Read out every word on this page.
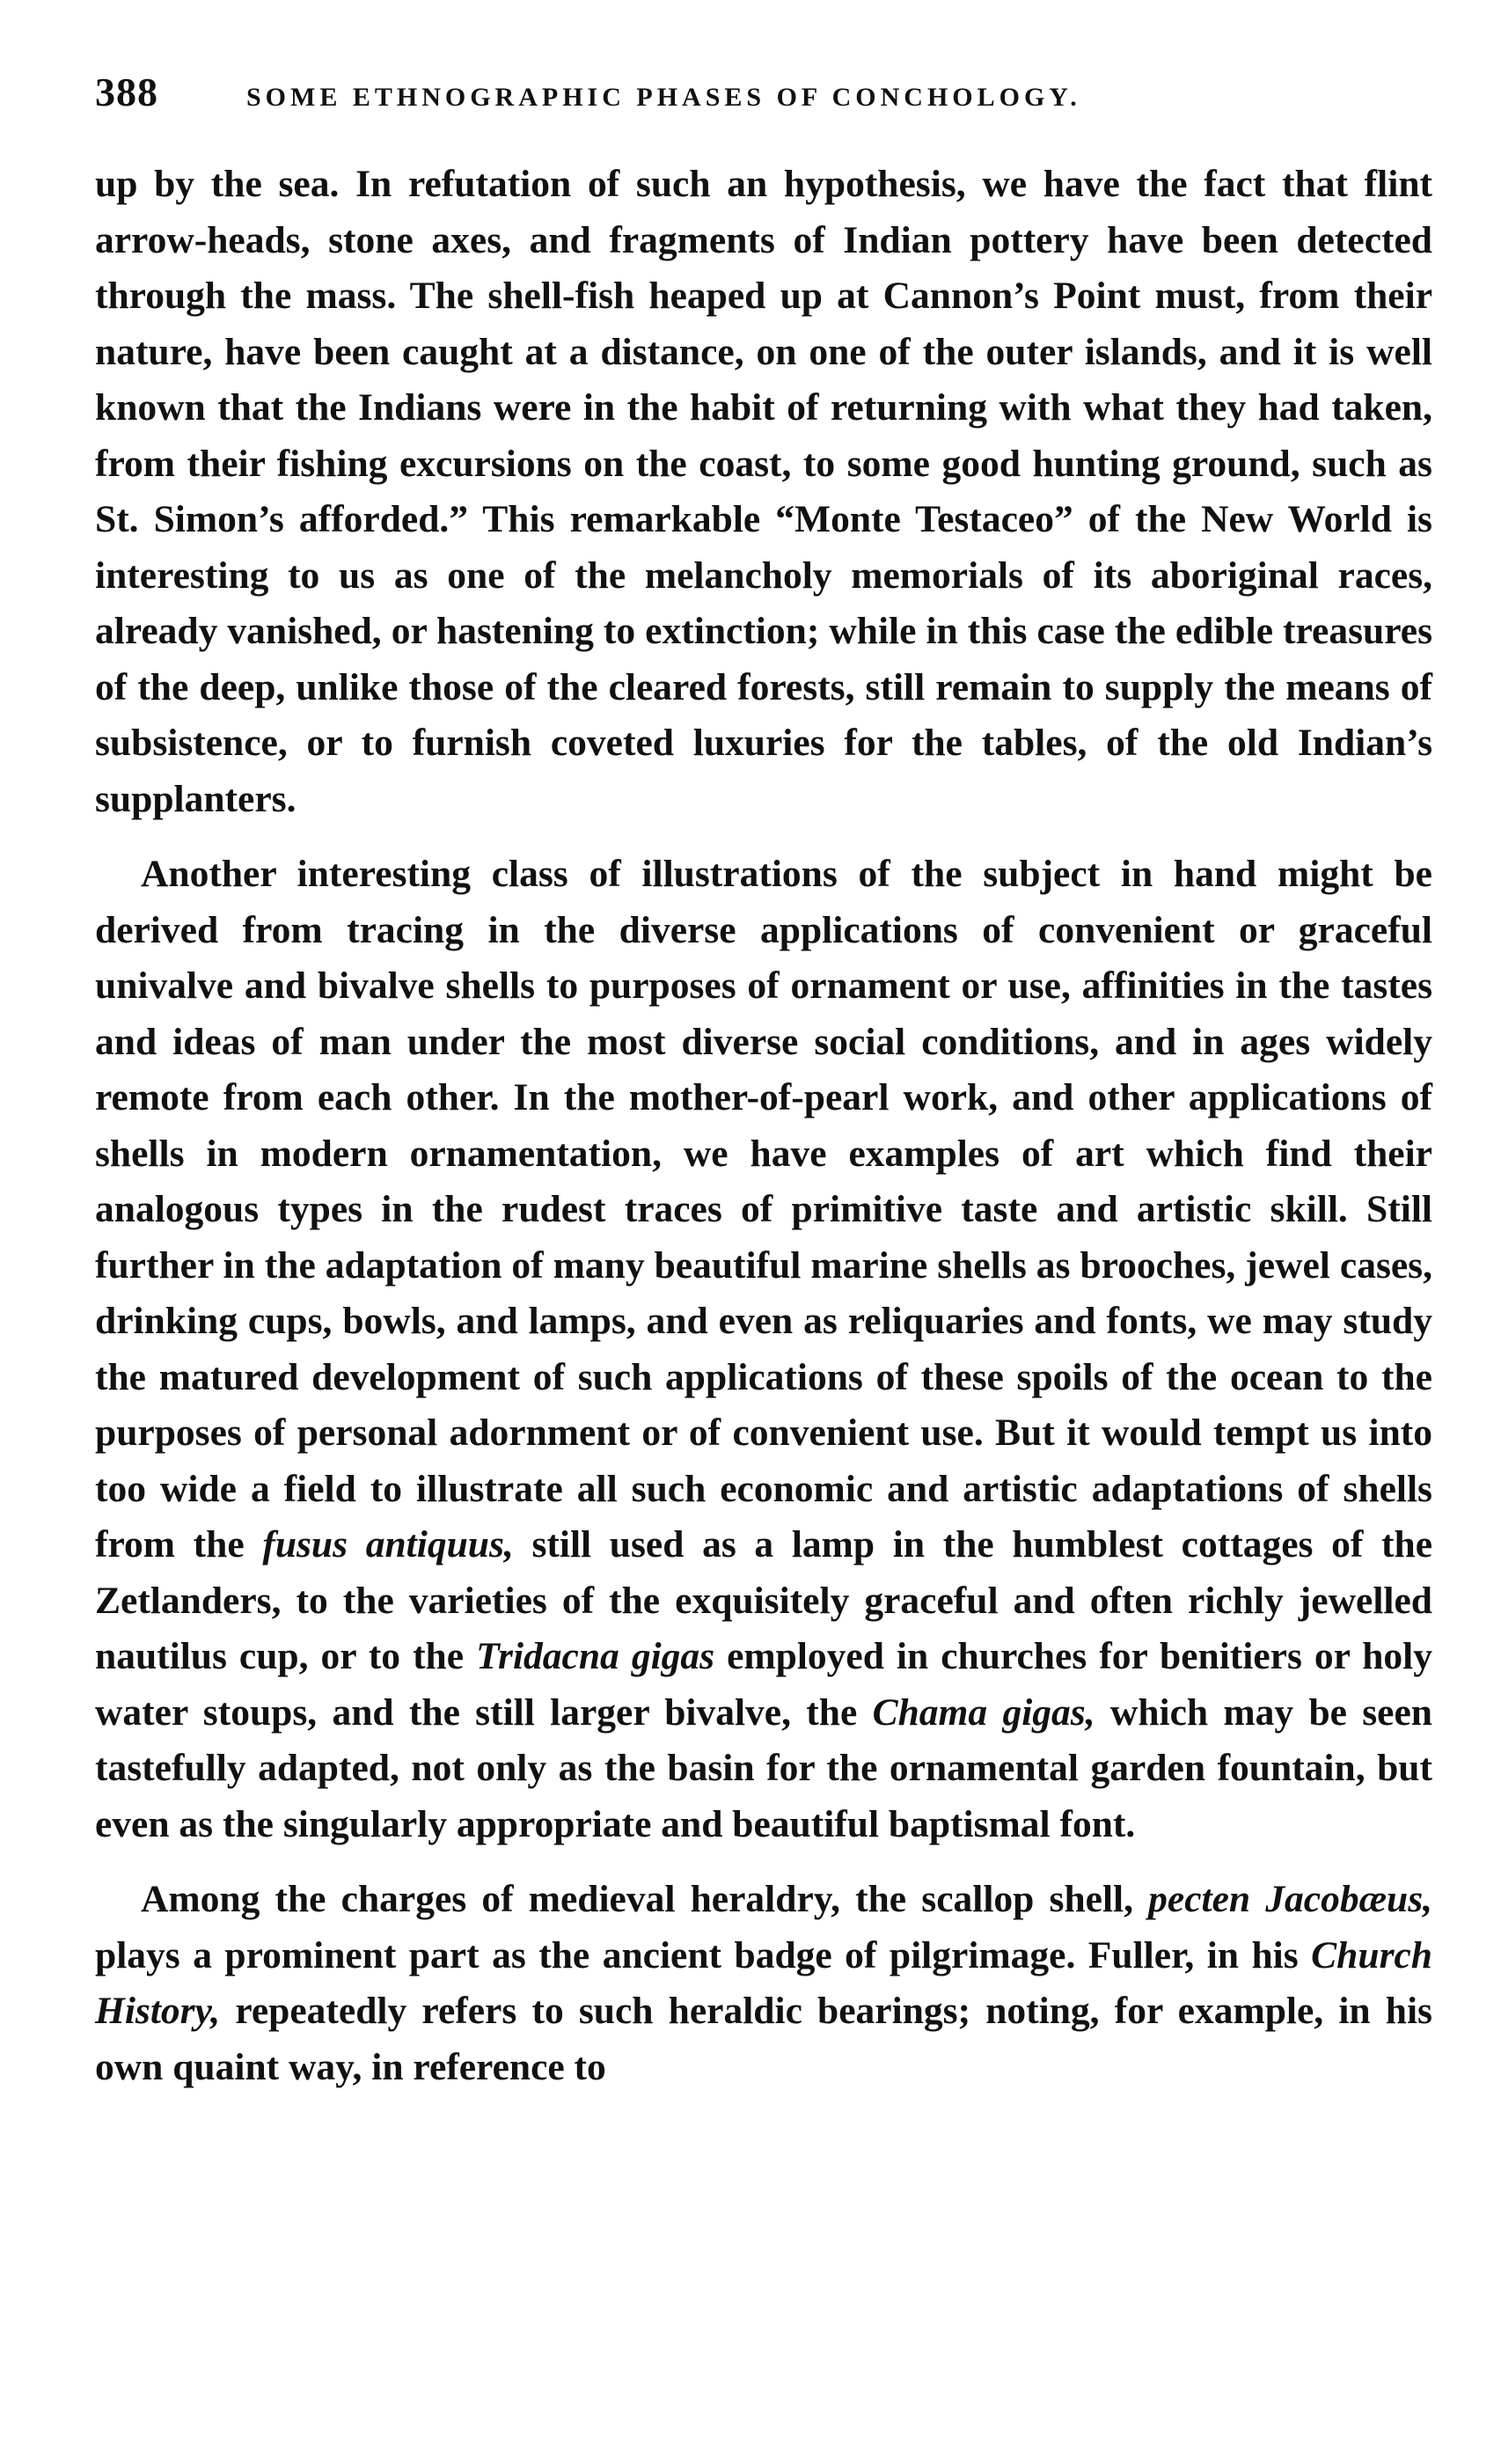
388	SOME ETHNOGRAPHIC PHASES OF CONCHOLOGY.

up by the sea. In refutation of such an hypothesis, we have the fact that flint arrow-heads, stone axes, and fragments of Indian pottery have been detected through the mass. The shell-fish heaped up at Cannon’s Point must, from their nature, have been caught at a distance, on one of the outer islands, and it is well known that the Indians were in the habit of returning with what they had taken, from their fishing excursions on the coast, to some good hunting ground, such as St. Simon’s afforded.” This remarkable “Monte Testaceo” of the New World is interesting to us as one of the melancholy memorials of its aboriginal races, already vanished, or hastening to extinction; while in this case the edible treasures of the deep, unlike those of the cleared forests, still remain to supply the means of subsistence, or to furnish coveted luxuries for the tables, of the old Indian’s supplanters.

Another interesting class of illustrations of the subject in hand might be derived from tracing in the diverse applications of convenient or graceful univalve and bivalve shells to purposes of ornament or use, affinities in the tastes and ideas of man under the most diverse social conditions, and in ages widely remote from each other. In the mother-of-pearl work, and other applications of shells in modern ornamentation, we have examples of art which find their analogous types in the rudest traces of primitive taste and artistic skill. Still further in the adaptation of many beautiful marine shells as brooches, jewel cases, drinking cups, bowls, and lamps, and even as reliquaries and fonts, we may study the matured development of such applications of these spoils of the ocean to the purposes of personal adornment or of convenient use. But it would tempt us into too wide a field to illustrate all such economic and artistic adaptations of shells from the fusus antiquus, still used as a lamp in the humblest cottages of the Zetlanders, to the varieties of the exquisitely graceful and often richly jewelled nautilus cup, or to the Tridacna gigas employed in churches for benitiers or holy water stoups, and the still larger bivalve, the Chama gigas, which may be seen tastefully adapted, not only as the basin for the ornamental garden fountain, but even as the singularly appropriate and beautiful baptismal font.

Among the charges of medieval heraldry, the scallop shell, pecten Jacobæus, plays a prominent part as the ancient badge of pilgrimage. Fuller, in his Church History, repeatedly refers to such heraldic bearings; noting, for example, in his own quaint way, in reference to
